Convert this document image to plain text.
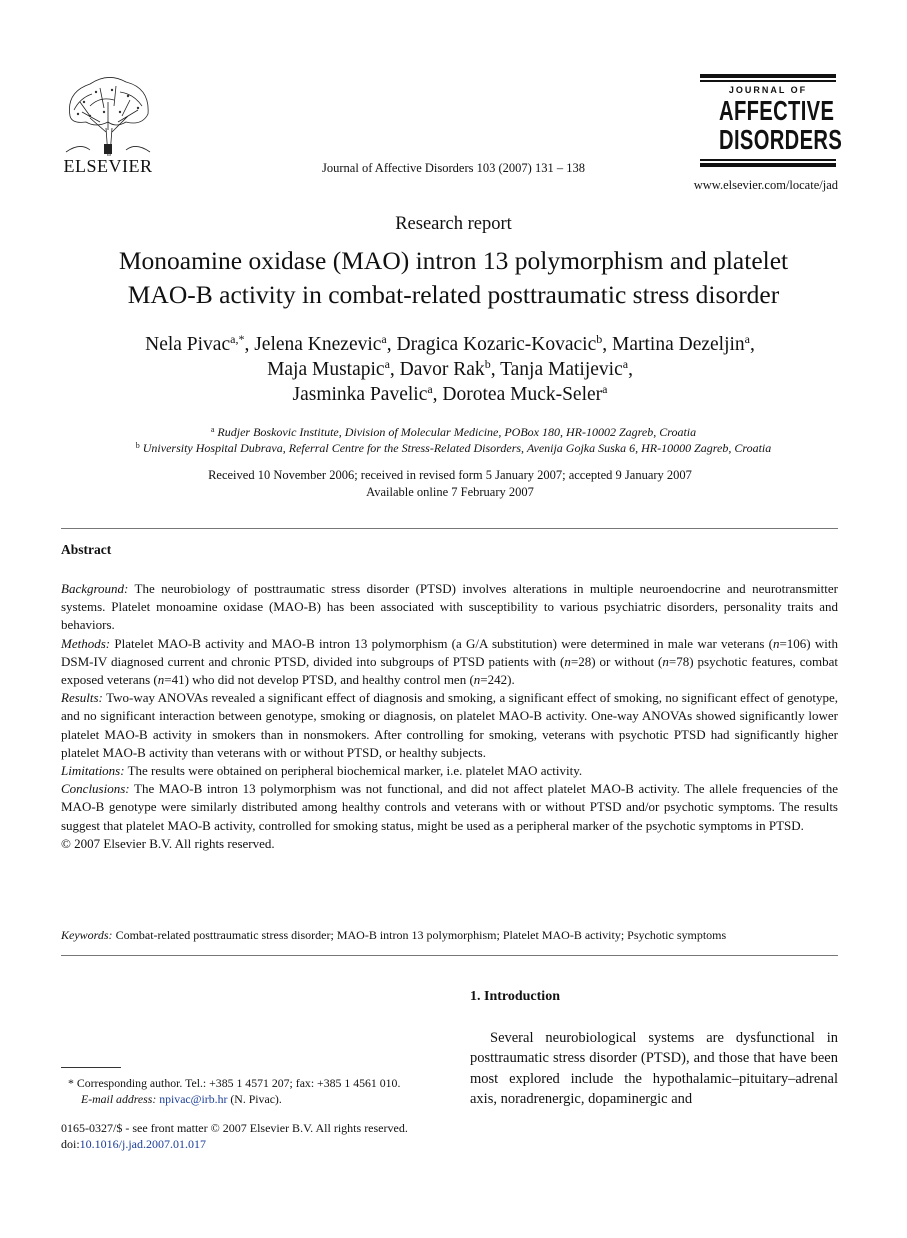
ELSEVIER	Journal of Affective Disorders 103 (2007) 131 – 138
JOURNAL OF
AFFECTIVE
DISORDERS
www.elsevier.com/locate/jad
Research report
Monoamine oxidase (MAO) intron 13 polymorphism and platelet
MAO-B activity in combat-related posttraumatic stress disorder
Nela Pivac$^{a,*}$, Jelena Knezevic$^a$, Dragica Kozaric-Kovacic$^b$, Martina Dezeljin$^a$,
Maja Mustapic$^a$, Davor Rak$^b$, Tanja Matijevic$^a$,
Jasminka Pavelic$^a$, Dorotea Muck-Seler$^a$
$^a$ Rudjer Boskovic Institute, Division of Molecular Medicine, POBox 180, HR-10002 Zagreb, Croatia
$^b$ University Hospital Dubrava, Referral Centre for the Stress-Related Disorders, Avenija Gojka Suska 6, HR-10000 Zagreb, Croatia
Received 10 November 2006; received in revised form 5 January 2007; accepted 9 January 2007
Available online 7 February 2007
Abstract

Background: The neurobiology of posttraumatic stress disorder (PTSD) involves alterations in multiple neuroendocrine and neurotransmitter systems. Platelet monoamine oxidase (MAO-B) has been associated with susceptibility to various psychiatric disorders, personality traits and behaviors.

Methods: Platelet MAO-B activity and MAO-B intron 13 polymorphism (a G/A substitution) were determined in male war veterans (n=106) with DSM-IV diagnosed current and chronic PTSD, divided into subgroups of PTSD patients with (n=28) or without (n=78) psychotic features, combat exposed veterans (n=41) who did not develop PTSD, and healthy control men (n=242).

Results: Two-way ANOVAs revealed a significant effect of diagnosis and smoking, a significant effect of smoking, no significant effect of genotype, and no significant interaction between genotype, smoking or diagnosis, on platelet MAO-B activity. One-way ANOVAs showed significantly lower platelet MAO-B activity in smokers than in nonsmokers. After controlling for smoking, veterans with psychotic PTSD had significantly higher platelet MAO-B activity than veterans with or without PTSD, or healthy subjects.

Limitations: The results were obtained on peripheral biochemical marker, i.e. platelet MAO activity.

Conclusions: The MAO-B intron 13 polymorphism was not functional, and did not affect platelet MAO-B activity. The allele frequencies of the MAO-B genotype were similarly distributed among healthy controls and veterans with or without PTSD and/or psychotic symptoms. The results suggest that platelet MAO-B activity, controlled for smoking status, might be used as a peripheral marker of the psychotic symptoms in PTSD.

© 2007 Elsevier B.V. All rights reserved.

Keywords: Combat-related posttraumatic stress disorder; MAO-B intron 13 polymorphism; Platelet MAO-B activity; Psychotic symptoms
1. Introduction
Several neurobiological systems are dysfunctional in posttraumatic stress disorder (PTSD), and those that have been most explored include the hypothalamic–pituitary–adrenal axis, noradrenergic, dopaminergic and
* Corresponding author. Tel.: +385 1 4571 207; fax: +385 1 4561 010.
E-mail address: npivac@irb.hr (N. Pivac).
0165-0327/$ - see front matter © 2007 Elsevier B.V. All rights reserved.
doi:10.1016/j.jad.2007.01.017
